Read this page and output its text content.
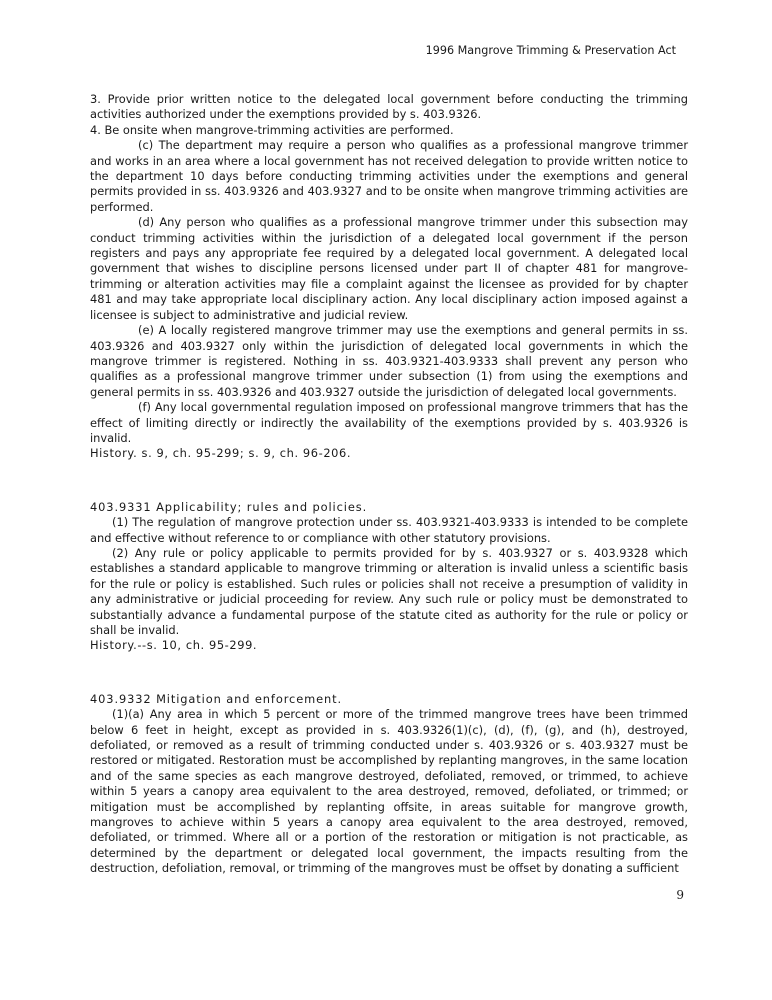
1996 Mangrove Trimming & Preservation Act

3. Provide prior written notice to the delegated local government before conducting the trimming activities authorized under the exemptions provided by s. 403.9326.

4. Be onsite when mangrove-trimming activities are performed.

(c) The department may require a person who qualifies as a professional mangrove trimmer and works in an area where a local government has not received delegation to provide written notice to the department 10 days before conducting trimming activities under the exemptions and general permits provided in ss. 403.9326 and 403.9327 and to be onsite when mangrove trimming activities are performed.

(d) Any person who qualifies as a professional mangrove trimmer under this subsection may conduct trimming activities within the jurisdiction of a delegated local government if the person registers and pays any appropriate fee required by a delegated local government. A delegated local government that wishes to discipline persons licensed under part II of chapter 481 for mangrove-trimming or alteration activities may file a complaint against the licensee as provided for by chapter 481 and may take appropriate local disciplinary action. Any local disciplinary action imposed against a licensee is subject to administrative and judicial review.

(e) A locally registered mangrove trimmer may use the exemptions and general permits in ss. 403.9326 and 403.9327 only within the jurisdiction of delegated local governments in which the mangrove trimmer is registered. Nothing in ss. 403.9321-403.9333 shall prevent any person who qualifies as a professional mangrove trimmer under subsection (1) from using the exemptions and general permits in ss. 403.9326 and 403.9327 outside the jurisdiction of delegated local governments.

(f) Any local governmental regulation imposed on professional mangrove trimmers that has the effect of limiting directly or indirectly the availability of the exemptions provided by s. 403.9326 is invalid.

History. s. 9, ch. 95-299; s. 9, ch. 96-206.

403.9331 Applicability; rules and policies.

(1) The regulation of mangrove protection under ss. 403.9321-403.9333 is intended to be complete and effective without reference to or compliance with other statutory provisions.

(2) Any rule or policy applicable to permits provided for by s. 403.9327 or s. 403.9328 which establishes a standard applicable to mangrove trimming or alteration is invalid unless a scientific basis for the rule or policy is established. Such rules or policies shall not receive a presumption of validity in any administrative or judicial proceeding for review. Any such rule or policy must be demonstrated to substantially advance a fundamental purpose of the statute cited as authority for the rule or policy or shall be invalid.

History.--s. 10, ch. 95-299.

403.9332 Mitigation and enforcement.

(1)(a) Any area in which 5 percent or more of the trimmed mangrove trees have been trimmed below 6 feet in height, except as provided in s. 403.9326(1)(c), (d), (f), (g), and (h), destroyed, defoliated, or removed as a result of trimming conducted under s. 403.9326 or s. 403.9327 must be restored or mitigated. Restoration must be accomplished by replanting mangroves, in the same location and of the same species as each mangrove destroyed, defoliated, removed, or trimmed, to achieve within 5 years a canopy area equivalent to the area destroyed, removed, defoliated, or trimmed; or mitigation must be accomplished by replanting offsite, in areas suitable for mangrove growth, mangroves to achieve within 5 years a canopy area equivalent to the area destroyed, removed, defoliated, or trimmed. Where all or a portion of the restoration or mitigation is not practicable, as determined by the department or delegated local government, the impacts resulting from the destruction, defoliation, removal, or trimming of the mangroves must be offset by donating a sufficient

9
